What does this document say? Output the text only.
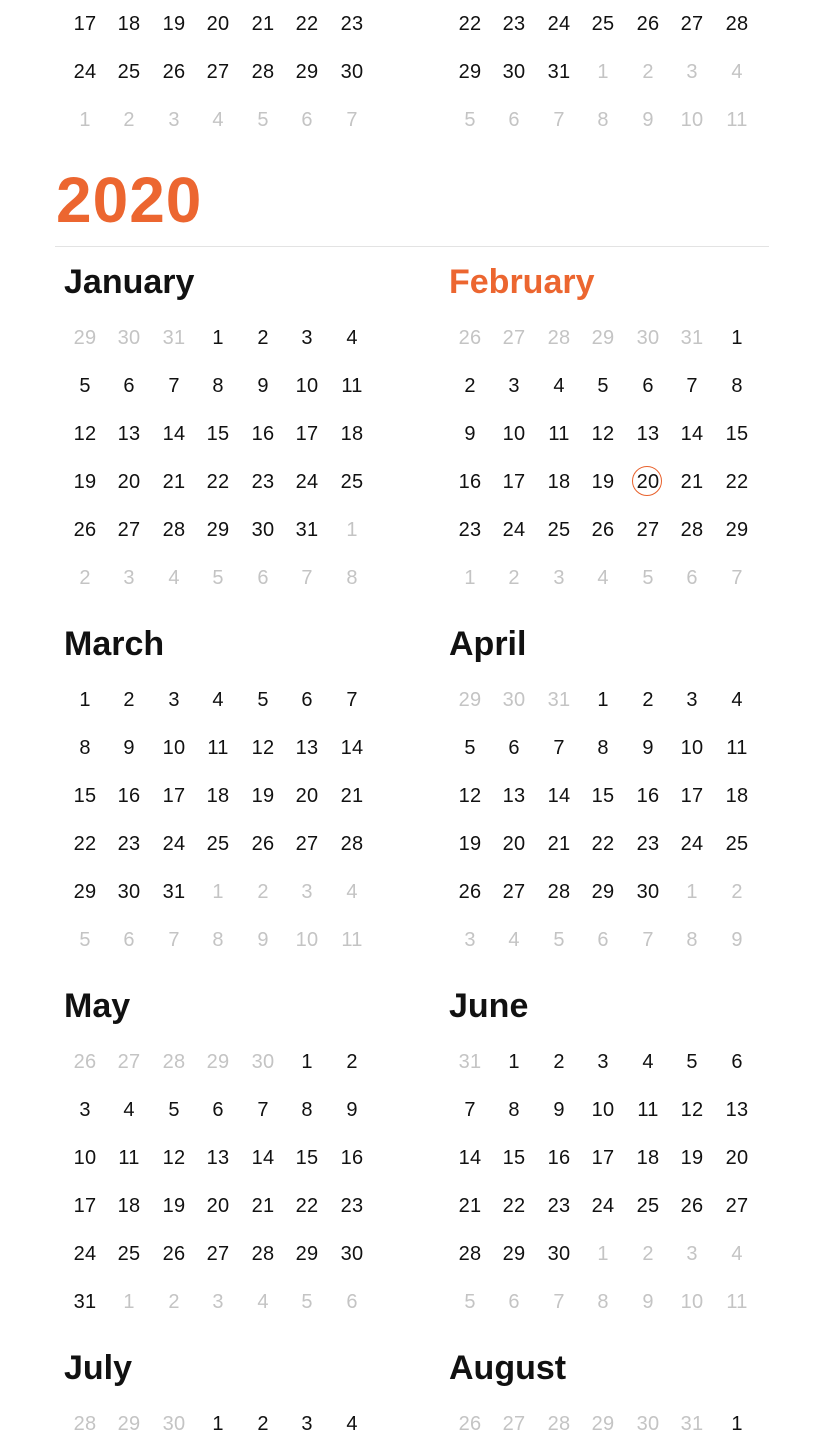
17	18	19	20	21	22	23
24	25	26	27	28	29	30
1	2	3	4	5	6	7
22	23	24	25	26	27	28
29	30	31	1	2	3	4
5	6	7	8	9	10	11
2020
January
29	30	31	1	2	3	4
5	6	7	8	9	10	11
12	13	14	15	16	17	18
19	20	21	22	23	24	25
26	27	28	29	30	31	1
2	3	4	5	6	7	8
February
26	27	28	29	30	31	1
2	3	4	5	6	7	8
9	10	11	12	13	14	15
16	17	18	19	20	21	22
23	24	25	26	27	28	29
1	2	3	4	5	6	7
March
1	2	3	4	5	6	7
8	9	10	11	12	13	14
15	16	17	18	19	20	21
22	23	24	25	26	27	28
29	30	31	1	2	3	4
5	6	7	8	9	10	11
April
29	30	31	1	2	3	4
5	6	7	8	9	10	11
12	13	14	15	16	17	18
19	20	21	22	23	24	25
26	27	28	29	30	1	2
3	4	5	6	7	8	9
May
26	27	28	29	30	1	2
3	4	5	6	7	8	9
10	11	12	13	14	15	16
17	18	19	20	21	22	23
24	25	26	27	28	29	30
31	1	2	3	4	5	6
June
31	1	2	3	4	5	6
7	8	9	10	11	12	13
14	15	16	17	18	19	20
21	22	23	24	25	26	27
28	29	30	1	2	3	4
5	6	7	8	9	10	11
July
28	29	30	1	2	3	4
August
26	27	28	29	30	31	1
